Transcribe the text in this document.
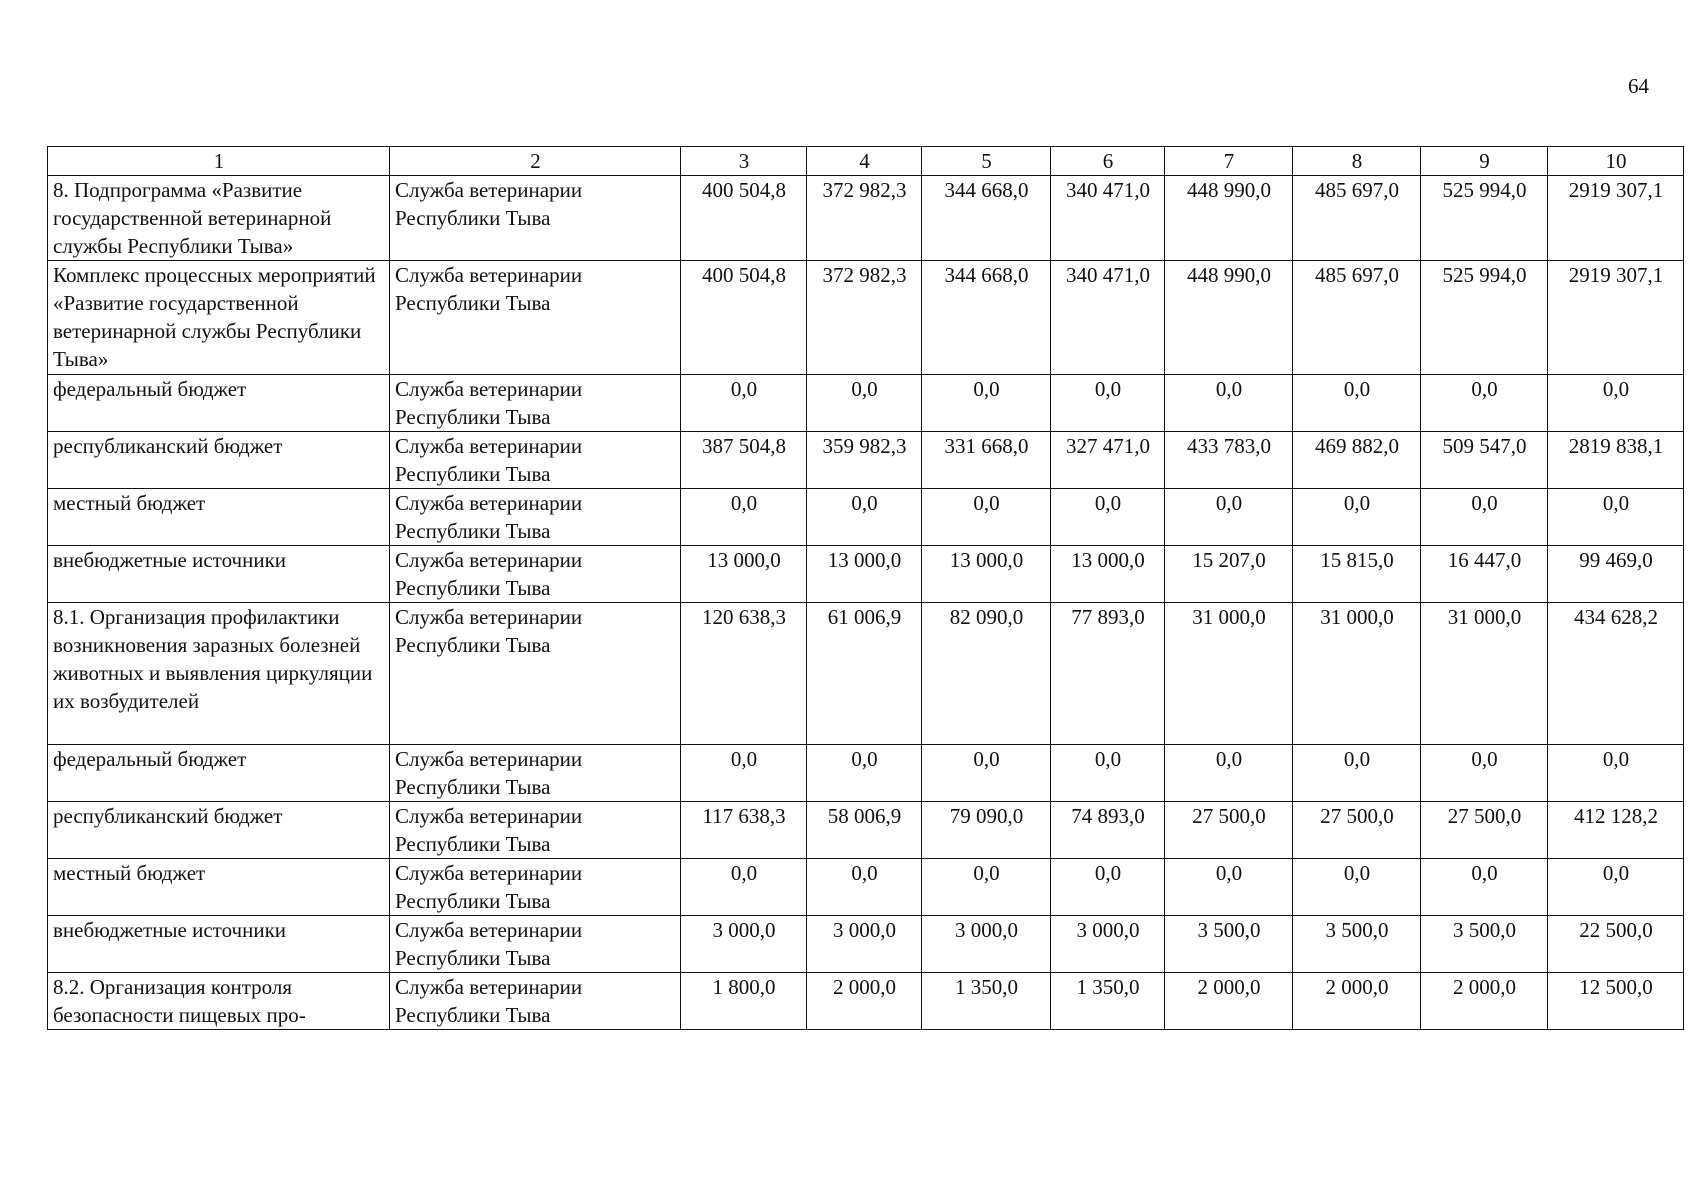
64
1	2	3	4	5	6	7	8	9	10
8. Подпрограмма «Развитие государственной ветеринарной службы Республики Тыва»	Служба ветеринарии Республики Тыва	400 504,8	372 982,3	344 668,0	340 471,0	448 990,0	485 697,0	525 994,0	2919 307,1
Комплекс процессных мероприятий «Развитие государственной ветеринарной службы Республики Тыва»	Служба ветеринарии Республики Тыва	400 504,8	372 982,3	344 668,0	340 471,0	448 990,0	485 697,0	525 994,0	2919 307,1
федеральный бюджет	Служба ветеринарии Республики Тыва	0,0	0,0	0,0	0,0	0,0	0,0	0,0	0,0
республиканский бюджет	Служба ветеринарии Республики Тыва	387 504,8	359 982,3	331 668,0	327 471,0	433 783,0	469 882,0	509 547,0	2819 838,1
местный бюджет	Служба ветеринарии Республики Тыва	0,0	0,0	0,0	0,0	0,0	0,0	0,0	0,0
внебюджетные источники	Служба ветеринарии Республики Тыва	13 000,0	13 000,0	13 000,0	13 000,0	15 207,0	15 815,0	16 447,0	99 469,0
8.1. Организация профилактики возникновения заразных болезней животных и выявления циркуляции их возбудителей	Служба ветеринарии Республики Тыва	120 638,3	61 006,9	82 090,0	77 893,0	31 000,0	31 000,0	31 000,0	434 628,2
федеральный бюджет	Служба ветеринарии Республики Тыва	0,0	0,0	0,0	0,0	0,0	0,0	0,0	0,0
республиканский бюджет	Служба ветеринарии Республики Тыва	117 638,3	58 006,9	79 090,0	74 893,0	27 500,0	27 500,0	27 500,0	412 128,2
местный бюджет	Служба ветеринарии Республики Тыва	0,0	0,0	0,0	0,0	0,0	0,0	0,0	0,0
внебюджетные источники	Служба ветеринарии Республики Тыва	3 000,0	3 000,0	3 000,0	3 000,0	3 500,0	3 500,0	3 500,0	22 500,0
8.2. Организация контроля безопасности пищевых про-	Служба ветеринарии Республики Тыва	1 800,0	2 000,0	1 350,0	1 350,0	2 000,0	2 000,0	2 000,0	12 500,0
